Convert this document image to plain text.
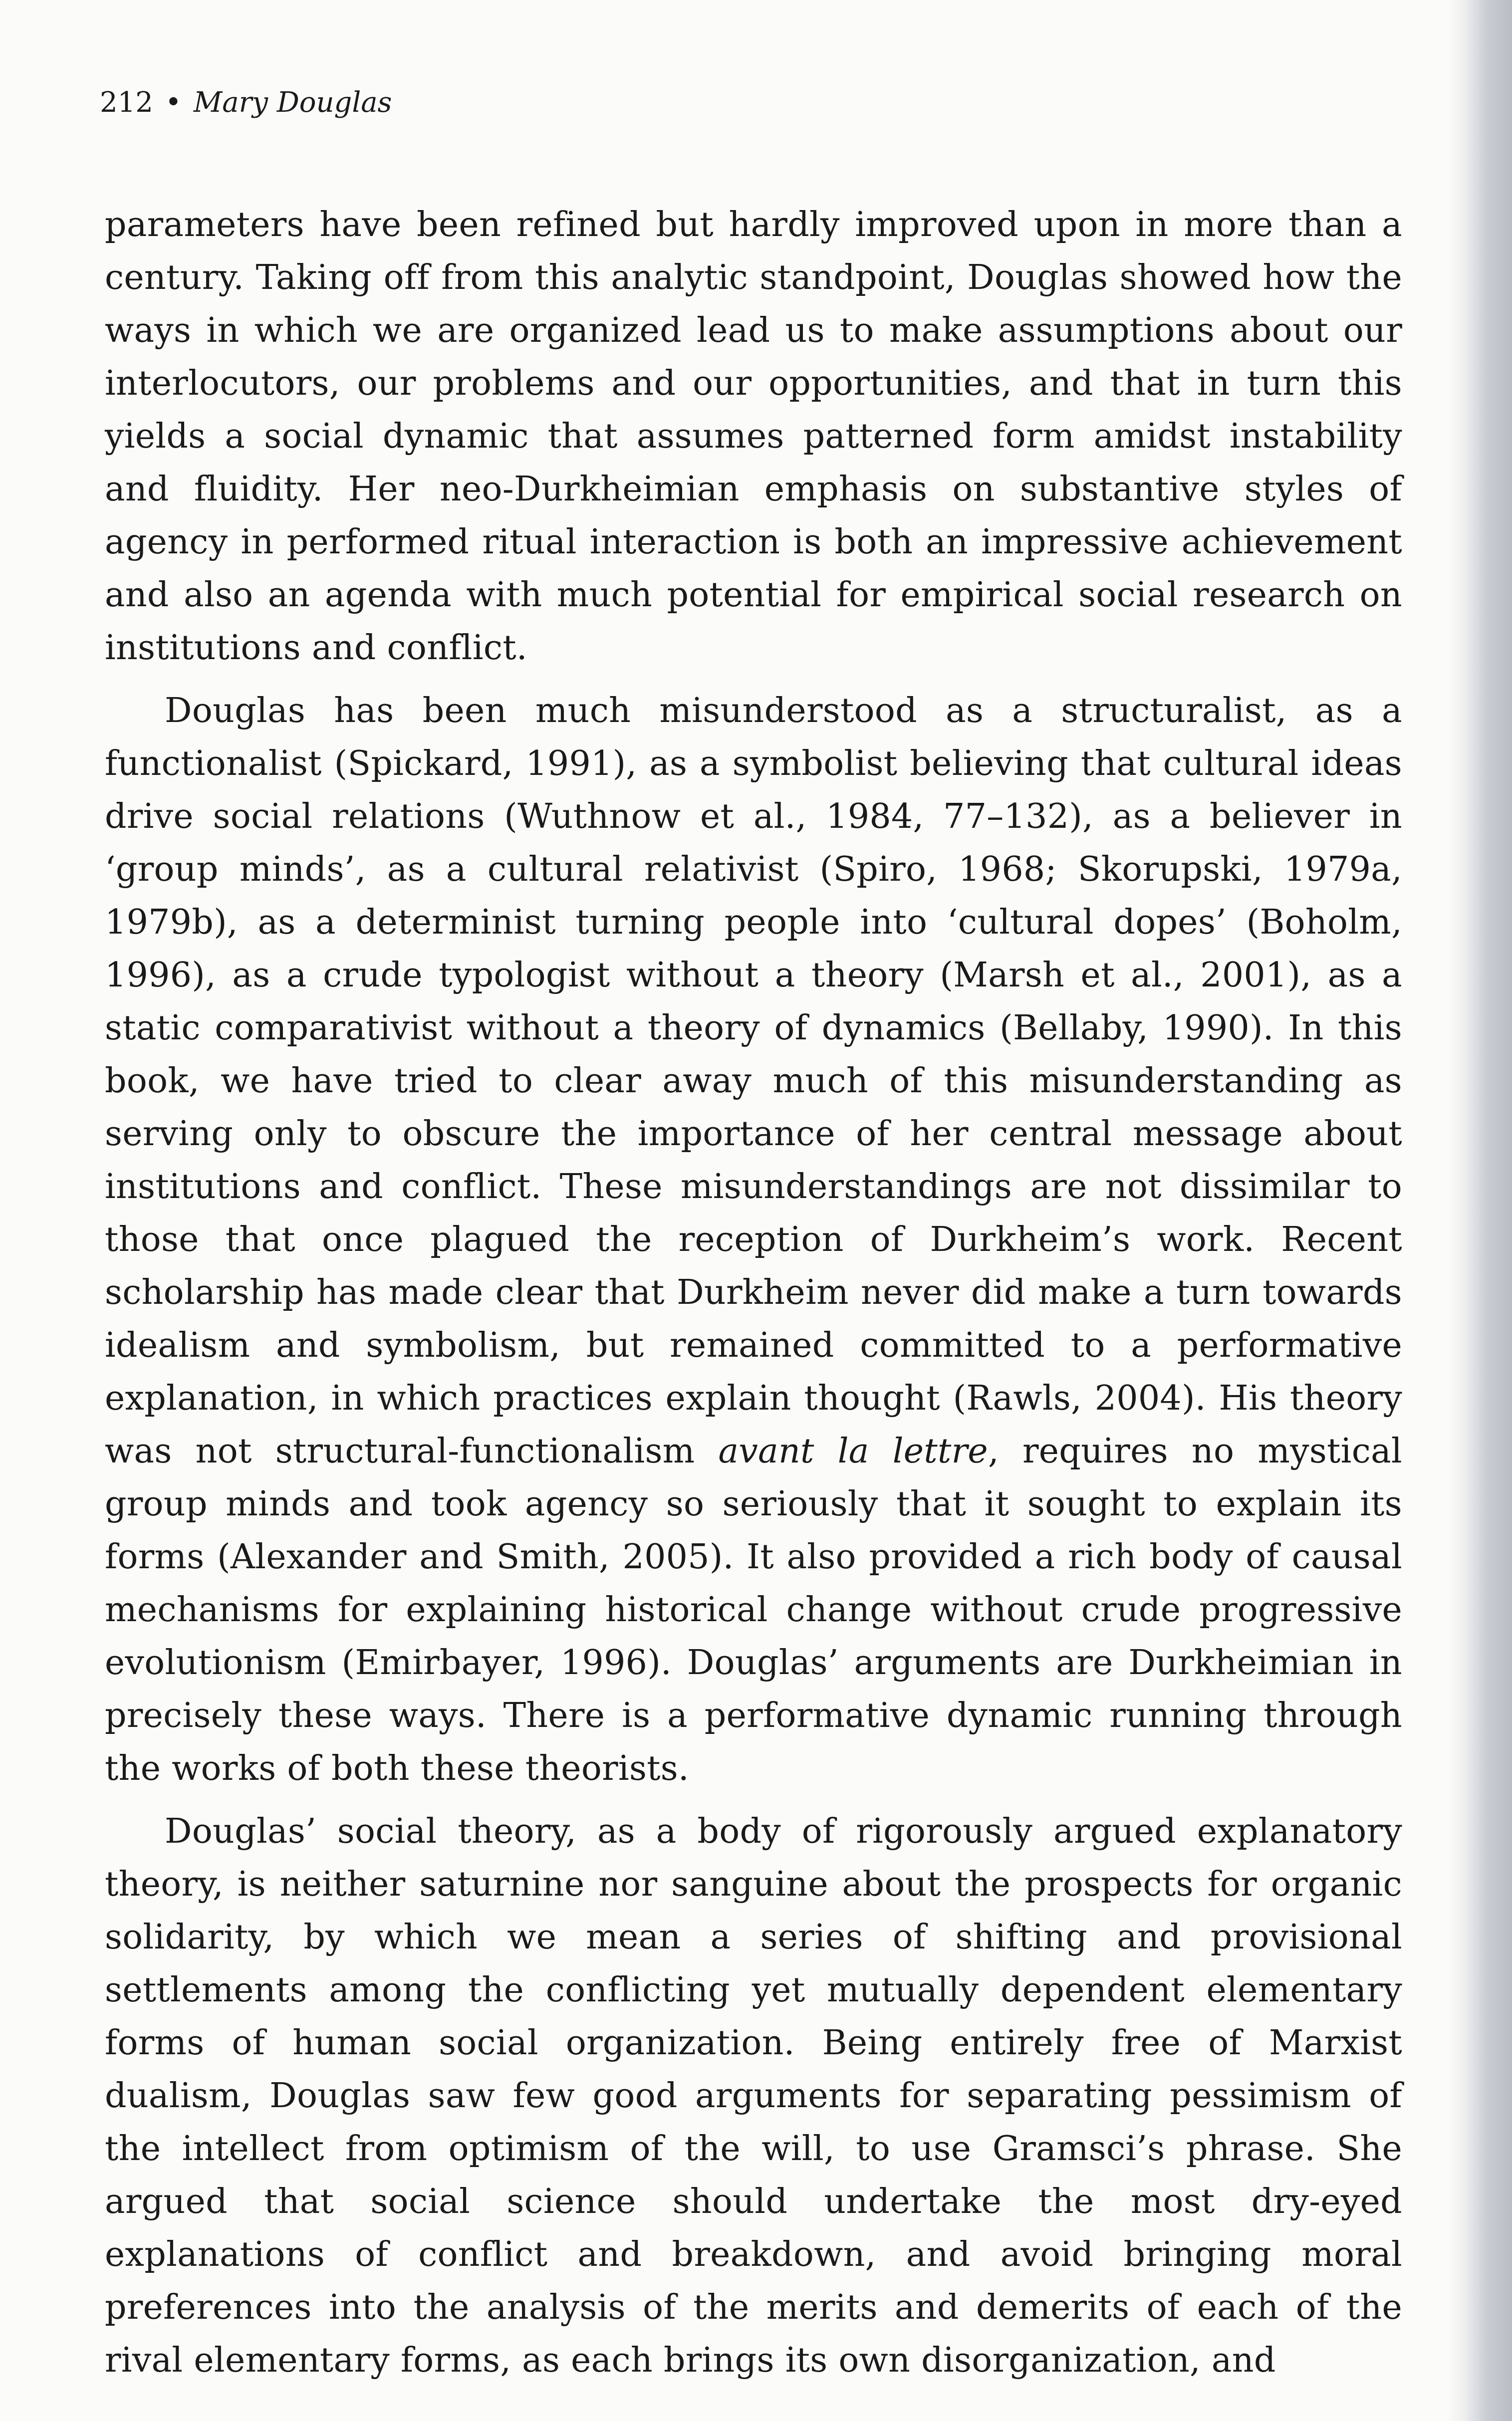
212 • Mary Douglas

parameters have been refined but hardly improved upon in more than a century. Taking off from this analytic standpoint, Douglas showed how the ways in which we are organized lead us to make assumptions about our interlocutors, our problems and our opportunities, and that in turn this yields a social dynamic that assumes patterned form amidst instability and fluidity. Her neo-Durkheimian emphasis on substantive styles of agency in performed ritual interaction is both an impressive achievement and also an agenda with much potential for empirical social research on institutions and conflict.

Douglas has been much misunderstood as a structuralist, as a functionalist (Spickard, 1991), as a symbolist believing that cultural ideas drive social relations (Wuthnow et al., 1984, 77–132), as a believer in ‘group minds’, as a cultural relativist (Spiro, 1968; Skorupski, 1979a, 1979b), as a determinist turning people into ‘cultural dopes’ (Boholm, 1996), as a crude typologist without a theory (Marsh et al., 2001), as a static comparativist without a theory of dynamics (Bellaby, 1990). In this book, we have tried to clear away much of this misunderstanding as serving only to obscure the importance of her central message about institutions and conflict. These misunderstandings are not dissimilar to those that once plagued the reception of Durkheim’s work. Recent scholarship has made clear that Durkheim never did make a turn towards idealism and symbolism, but remained committed to a performative explanation, in which practices explain thought (Rawls, 2004). His theory was not structural-functionalism avant la lettre, requires no mystical group minds and took agency so seriously that it sought to explain its forms (Alexander and Smith, 2005). It also provided a rich body of causal mechanisms for explaining historical change without crude progressive evolutionism (Emirbayer, 1996). Douglas’ arguments are Durkheimian in precisely these ways. There is a performative dynamic running through the works of both these theorists.

Douglas’ social theory, as a body of rigorously argued explanatory theory, is neither saturnine nor sanguine about the prospects for organic solidarity, by which we mean a series of shifting and provisional settlements among the conflicting yet mutually dependent elementary forms of human social organization. Being entirely free of Marxist dualism, Douglas saw few good arguments for separating pessimism of the intellect from optimism of the will, to use Gramsci’s phrase. She argued that social science should undertake the most dry-eyed explanations of conflict and breakdown, and avoid bringing moral preferences into the analysis of the merits and demerits of each of the rival elementary forms, as each brings its own disorganization, and
